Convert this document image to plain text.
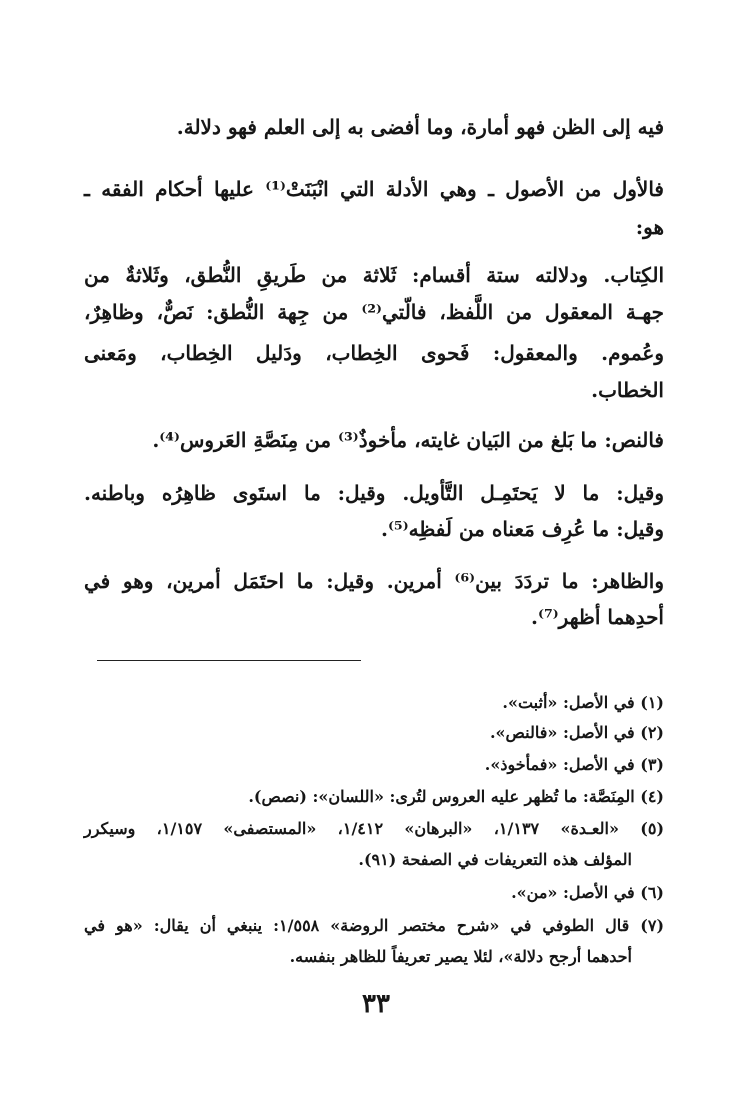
فيه إلى الظن فهو أمارة، وما أفضى به إلى العلم فهو دلالة.
فالأول من الأصول ـ وهي الأدلة التي انْبَنَتْ⁽¹⁾ عليها أحكام الفقه ـ
هو:
الكِتاب. ودلالته ستة أقسام: ثَلاثة من طَريقِ النُّطق، وثَلاثةٌ من
جهـة المعقول من اللَّفظ، فالّتي⁽²⁾ من جِهة النُّطق: نَصٌّ، وظاهِرٌ،
وعُموم. والمعقول: فَحوى الخِطاب، ودَليل الخِطاب، ومَعنى
الخطاب.
فالنص: ما بَلغ من البَيان غايته، مأخوذٌ⁽³⁾ من مِنَصَّةِ العَروس⁽⁴⁾.
وقيل: ما لا يَحتَمِـل التَّأويل. وقيل: ما استَوى ظاهِرُه وباطنه.
وقيل: ما عُرِف مَعناه من لَفظِه⁽⁵⁾.
والظاهر: ما تردَدَ بين⁽⁶⁾ أمرين. وقيل: ما احتَمَل أمرين، وهو في
أحدِهما أظهر⁽⁷⁾.
(١) في الأصل: «أثبت».
(٢) في الأصل: «فالنص».
(٣) في الأصل: «فمأخوذ».
(٤) المِنَصَّة: ما تُظهر عليه العروس لتُرى: «اللسان»: (نصص).
(٥) «العـدة» ١/١٣٧، «البرهان» ١/٤١٢، «المستصفى» ١/١٥٧، وسيكرر
المؤلف هذه التعريفات في الصفحة (٩١).
(٦) في الأصل: «من».
(٧) قال الطوفي في «شرح مختصر الروضة» ١/٥٥٨: ينبغي أن يقال: «هو في
أحدهما أرجح دلالة»، لئلا يصير تعريفاً للظاهر بنفسه.
٣٣
